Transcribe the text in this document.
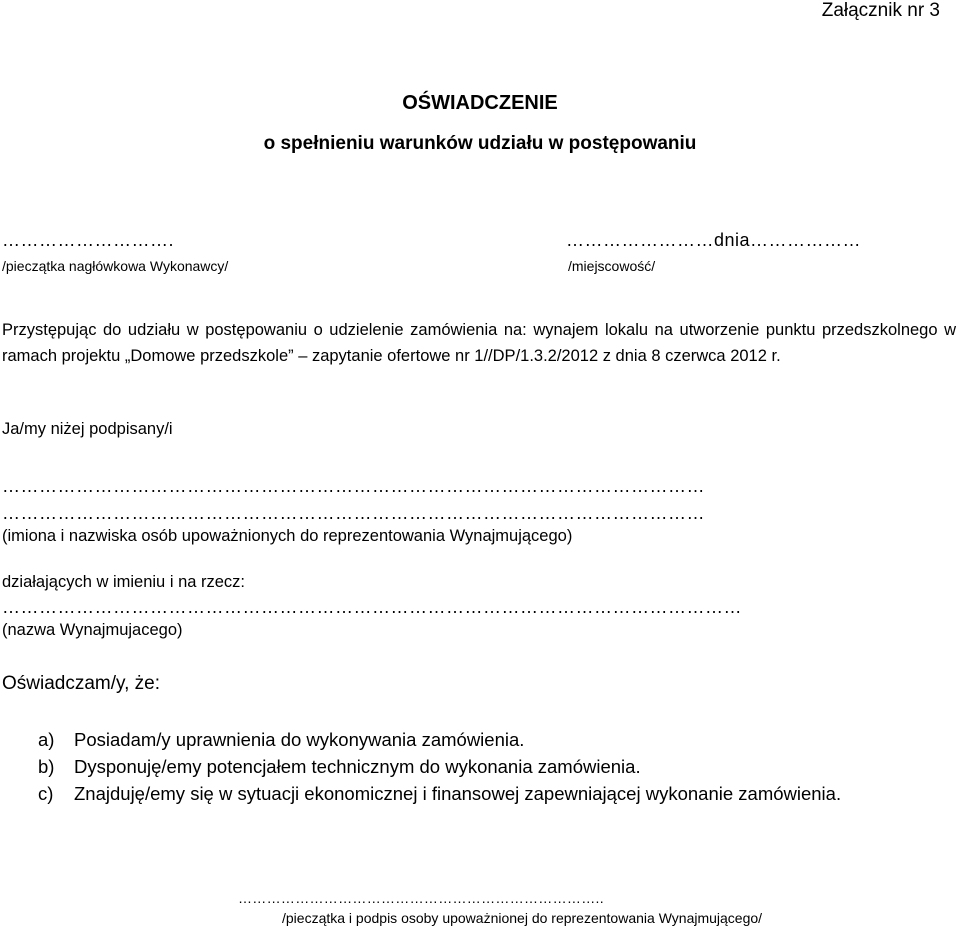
Załącznik nr 3
OŚWIADCZENIE
o spełnieniu warunków udziału w postępowaniu
……………………….
/pieczątka nagłówkowa Wykonawcy/
……………………dnia………………
/miejscowość/
Przystępując do udziału w postępowaniu o udzielenie zamówienia na: wynajem lokalu na utworzenie punktu przedszkolnego w ramach projektu „Domowe przedszkole” – zapytanie ofertowe nr 1//DP/1.3.2/2012 z dnia 8 czerwca 2012 r.
Ja/my niżej podpisany/i
……………………………………………………………………………………………………
……………………………………………………………………………………………………
(imiona i nazwiska osób upoważnionych do reprezentowania Wynajmującego)
działających w imieniu i na rzecz:
…………………………………………………………………………………………………………
(nazwa Wynajmujacego)
Oświadczam/y, że:
a) Posiadam/y uprawnienia do wykonywania zamówienia.
b) Dysponuję/emy potencjałem technicznym do wykonania zamówienia.
c) Znajduję/emy się w sytuacji ekonomicznej i finansowej zapewniającej wykonanie zamówienia.
…………………………………………………………………..
/pieczątka i podpis osoby upoważnionej do reprezentowania Wynajmującego/
